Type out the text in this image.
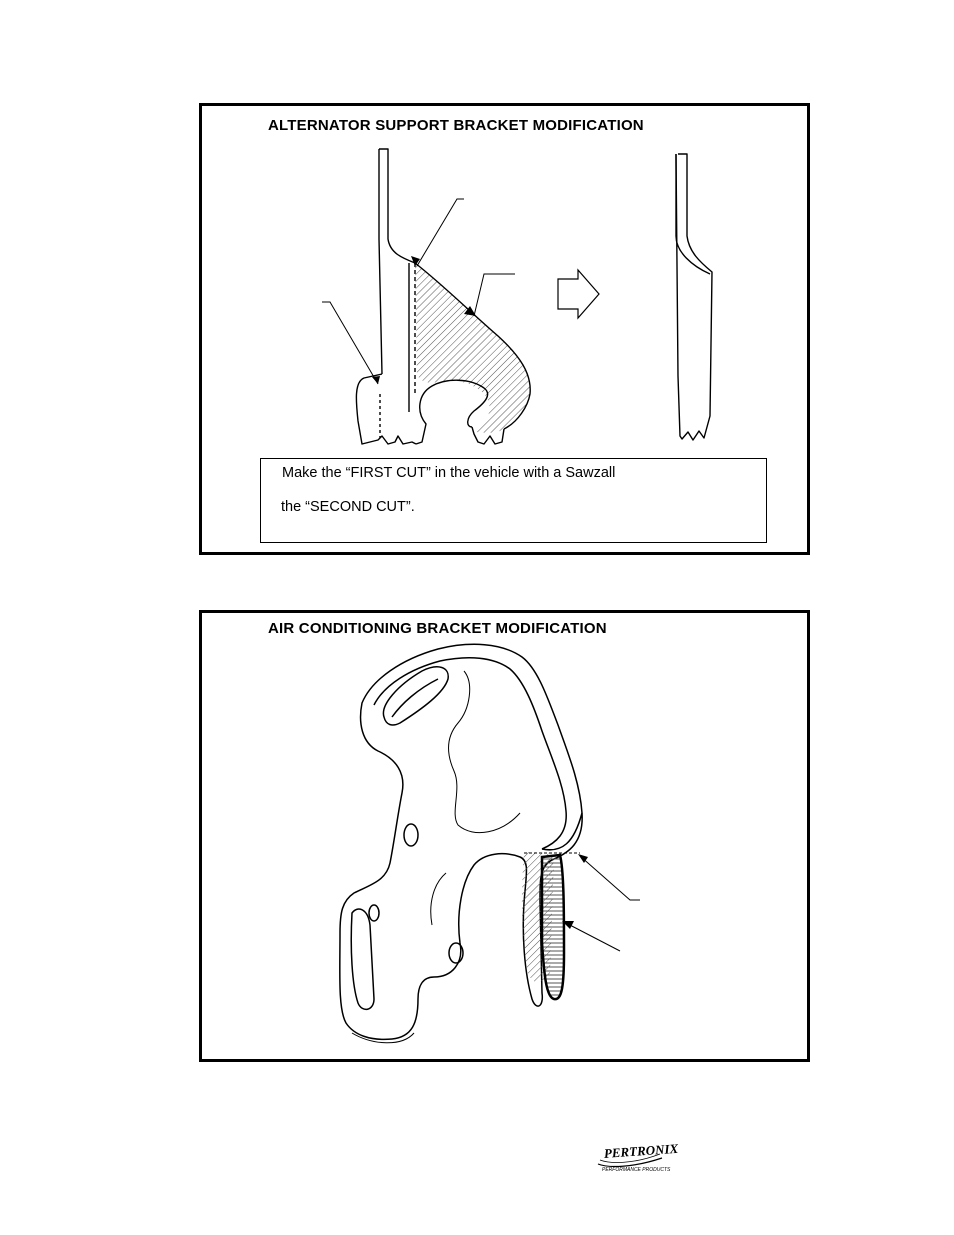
ALTERNATOR SUPPORT BRACKET MODIFICATION
Make the “FIRST CUT” in the vehicle with a Sawzall
the “SECOND CUT”.
AIR CONDITIONING BRACKET MODIFICATION
PERTRONIX
PERFORMANCE PRODUCTS
